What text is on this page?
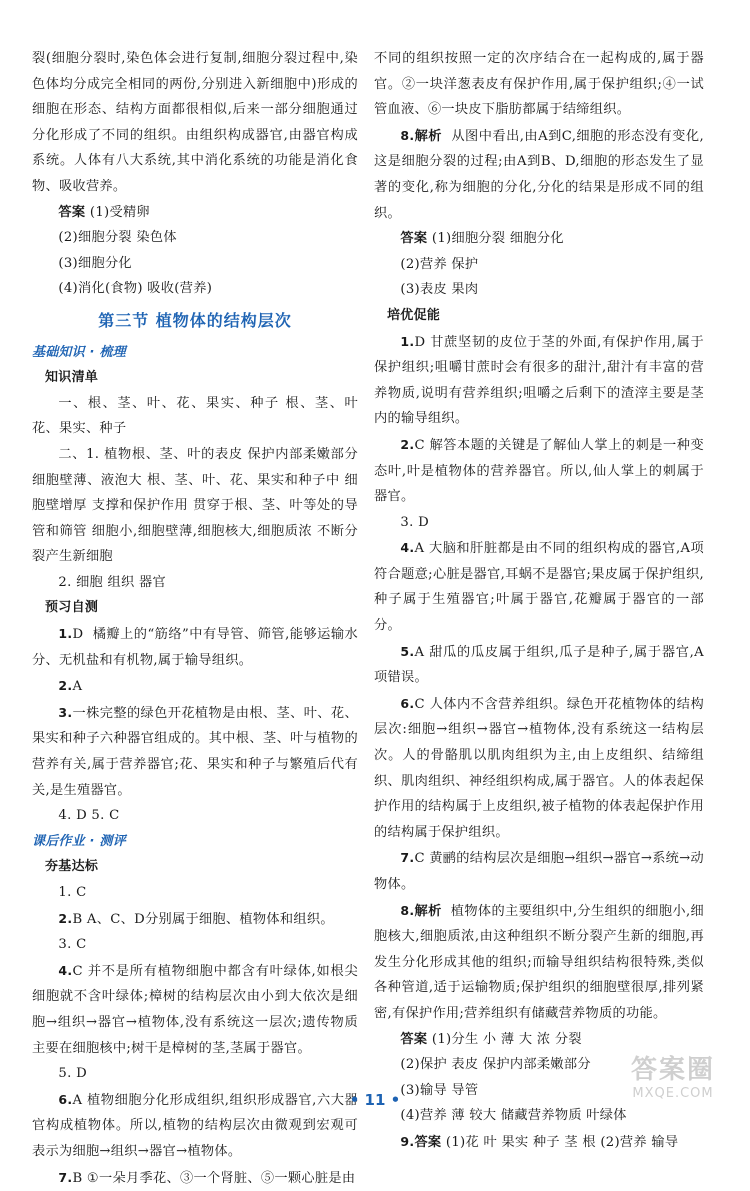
裂(细胞分裂时,染色体会进行复制,细胞分裂过程中,染色体均分成完全相同的两份,分别进入新细胞中)形成的细胞在形态、结构方面都很相似,后来一部分细胞通过分化形成了不同的组织。由组织构成器官,由器官构成系统。人体有八大系统,其中消化系统的功能是消化食物、吸收营养。

答案 (1)受精卵

(2)细胞分裂 染色体

(3)细胞分化

(4)消化(食物) 吸收(营养)

第三节 植物体的结构层次

基础知识 · 梳理

知识清单

一、根、茎、叶、花、果实、种子 根、茎、叶 花、果实、种子

二、1. 植物根、茎、叶的表皮 保护内部柔嫩部分 细胞壁薄、液泡大 根、茎、叶、花、果实和种子中 细胞壁增厚 支撑和保护作用 贯穿于根、茎、叶等处的导管和筛管 细胞小,细胞壁薄,细胞核大,细胞质浓 不断分裂产生新细胞

2. 细胞 组织 器官

预习自测

1.D 橘瓣上的“筋络”中有导管、筛管,能够运输水分、无机盐和有机物,属于输导组织。

2.A

3.一株完整的绿色开花植物是由根、茎、叶、花、果实和种子六种器官组成的。其中根、茎、叶与植物的营养有关,属于营养器官;花、果实和种子与繁殖后代有关,是生殖器官。

4. D 5. C

课后作业 · 测评

夯基达标

1. C

2.B A、C、D分别属于细胞、植物体和组织。

3. C

4.C 并不是所有植物细胞中都含有叶绿体,如根尖细胞就不含叶绿体;樟树的结构层次由小到大依次是细胞→组织→器官→植物体,没有系统这一层次;遗传物质主要在细胞核中;树干是樟树的茎,茎属于器官。

5. D

6.A 植物细胞分化形成组织,组织形成器官,六大器官构成植物体。所以,植物的结构层次由微观到宏观可表示为细胞→组织→器官→植物体。

7.B ①一朵月季花、③一个肾脏、⑤一颗心脏是由

不同的组织按照一定的次序结合在一起构成的,属于器官。②一块洋葱表皮有保护作用,属于保护组织;④一试管血液、⑥一块皮下脂肪都属于结缔组织。

8.解析 从图中看出,由A到C,细胞的形态没有变化,这是细胞分裂的过程;由A到B、D,细胞的形态发生了显著的变化,称为细胞的分化,分化的结果是形成不同的组织。

答案 (1)细胞分裂 细胞分化

(2)营养 保护

(3)表皮 果肉

培优促能

1.D 甘蔗坚韧的皮位于茎的外面,有保护作用,属于保护组织;咀嚼甘蔗时会有很多的甜汁,甜汁有丰富的营养物质,说明有营养组织;咀嚼之后剩下的渣滓主要是茎内的输导组织。

2.C 解答本题的关键是了解仙人掌上的刺是一种变态叶,叶是植物体的营养器官。所以,仙人掌上的刺属于器官。

3. D

4.A 大脑和肝脏都是由不同的组织构成的器官,A项符合题意;心脏是器官,耳蜗不是器官;果皮属于保护组织,种子属于生殖器官;叶属于器官,花瓣属于器官的一部分。

5.A 甜瓜的瓜皮属于组织,瓜子是种子,属于器官,A项错误。

6.C 人体内不含营养组织。绿色开花植物体的结构层次:细胞→组织→器官→植物体,没有系统这一结构层次。人的骨骼肌以肌肉组织为主,由上皮组织、结缔组织、肌肉组织、神经组织构成,属于器官。人的体表起保护作用的结构属于上皮组织,被子植物的体表起保护作用的结构属于保护组织。

7.C 黄鹂的结构层次是细胞→组织→器官→系统→动物体。

8.解析 植物体的主要组织中,分生组织的细胞小,细胞核大,细胞质浓,由这种组织不断分裂产生新的细胞,再发生分化形成其他的组织;而输导组织结构很特殊,类似各种管道,适于运输物质;保护组织的细胞壁很厚,排列紧密,有保护作用;营养组织有储藏营养物质的功能。

答案 (1)分生 小 薄 大 浓 分裂

(2)保护 表皮 保护内部柔嫩部分

(3)输导 导管

(4)营养 薄 较大 储藏营养物质 叶绿体

9.答案 (1)花 叶 果实 种子 茎 根 (2)营养 输导

• 11 •
答案圈
MXQE.COM
